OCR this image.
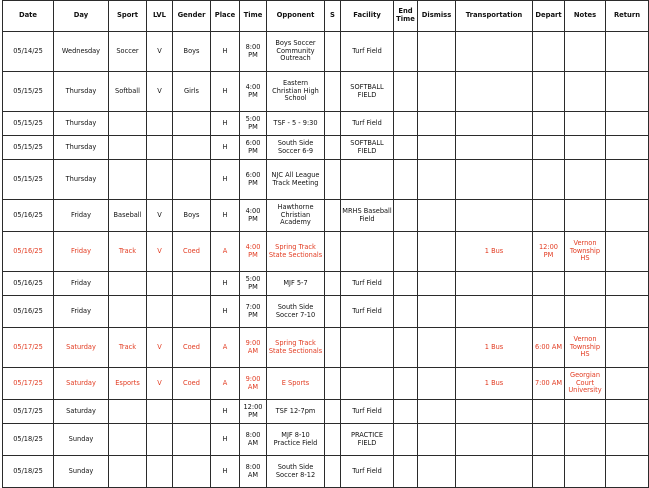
Date	Day	Sport	LVL	Gender	Place	Time	Opponent	S	Facility	End Time	Dismiss	Transportation	Depart	Notes	Return
05/14/25	Wednesday	Soccer	V	Boys	H	8:00 PM	Boys Soccer Community Outreach		Turf Field						
05/15/25	Thursday	Softball	V	Girls	H	4:00 PM	Eastern Christian High School		SOFTBALL FIELD						
05/15/25	Thursday				H	5:00 PM	TSF - 5 - 9:30		Turf Field						
05/15/25	Thursday				H	6:00 PM	South Side Soccer 6-9		SOFTBALL FIELD						
05/15/25	Thursday				H	6:00 PM	NJC All League Track Meeting								
05/16/25	Friday	Baseball	V	Boys	H	4:00 PM	Hawthorne Christian Academy		MRHS Baseball Field						
05/16/25	Friday	Track	V	Coed	A	4:00 PM	Spring Track State Sectionals					1 Bus	12:00 PM	Vernon Township HS	
05/16/25	Friday				H	5:00 PM	MJF 5-7		Turf Field						
05/16/25	Friday				H	7:00 PM	South Side Soccer 7-10		Turf Field						
05/17/25	Saturday	Track	V	Coed	A	9:00 AM	Spring Track State Sectionals					1 Bus	6:00 AM	Vernon Township HS	
05/17/25	Saturday	Esports	V	Coed	A	9:00 AM	E Sports					1 Bus	7:00 AM	Georgian Court University	
05/17/25	Saturday				H	12:00 PM	TSF 12-7pm		Turf Field						
05/18/25	Sunday				H	8:00 AM	MJF 8-10 Practice Field		PRACTICE FIELD						
05/18/25	Sunday				H	8:00 AM	South Side Soccer 8-12		Turf Field						
